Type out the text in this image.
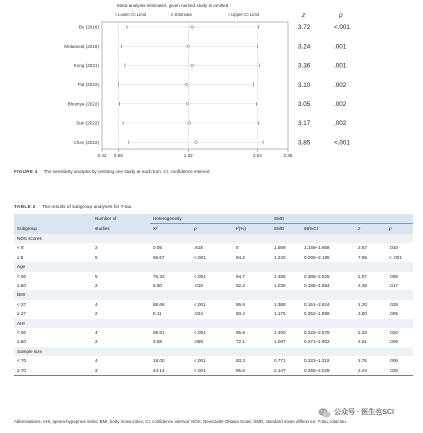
Meta-analysis estimates, given named study is omitted
Lower CI Limit	Estimate	Upper CI Limit	z	p
0.42 0.59	1.32	2.04	2.36
Bu (2016)	3.72	<.001
Motamedi (2018)	3.24	.001
Kong (2021)	3.36	.001
Pal (2022)	3.10	.002
Bhumya (2022)	3.05	.002
Sun (2022)	3.17	.002
Chen (2022)	3.85	<.001
FIGURE 4 The sensitivity analysis by omitting one study at each turn. CI, confidence interval.
TABLE 2 The results of subgroup analyses for T-tau
	Number of	Heterogeneity			SMD			
Subgroup	studies	X²	p	I²(%)	SMD	95%CI	z	p
NOS scores								
< 8	2	0.05	.818	0	1.559	1.159–1.958	2.57	.010
≥ 8	5	68.67	<.001	94.2	1.240	0.296–2.185	7.65	< .001
Age								
< 50	5	75.33	<.001	94.7	1.455	0.386–2.525	2.67	.008
≥ 50	2	5.60	.018	82.2	1.035	0.185–1.884	2.39	.017
BMI								
< 27	4	68.66	<.001	95.6	1.388	0.151–2.624	2.20	.028
≥ 27	2	5.11	.024	80.4	1.175	0.352–1.998	2.80	.005
AHI								
< 50	4	68.61	<.001	95.6	1.400	0.222–2.578	2.33	.020
≥ 50	2	3.58	.058	72.1	1.087	0.271–1.902	2.61	.009
Sample size								
< 70	4	18.00	<.001	83.3	0.771	0.222–1.319	2.76	.006
≥ 70	3	44.14	<.001	95.5	2.147	0.265–4.028	2.24	.025
Abbreviations: AHI, apnea-hypopnea index; BMI, body mass index; CI, confidence interval; NOS, Newcastle-Ottawa Scale; SMD, standard mean difference; T-tau, total tau.
公众号 · 医生也SCI
